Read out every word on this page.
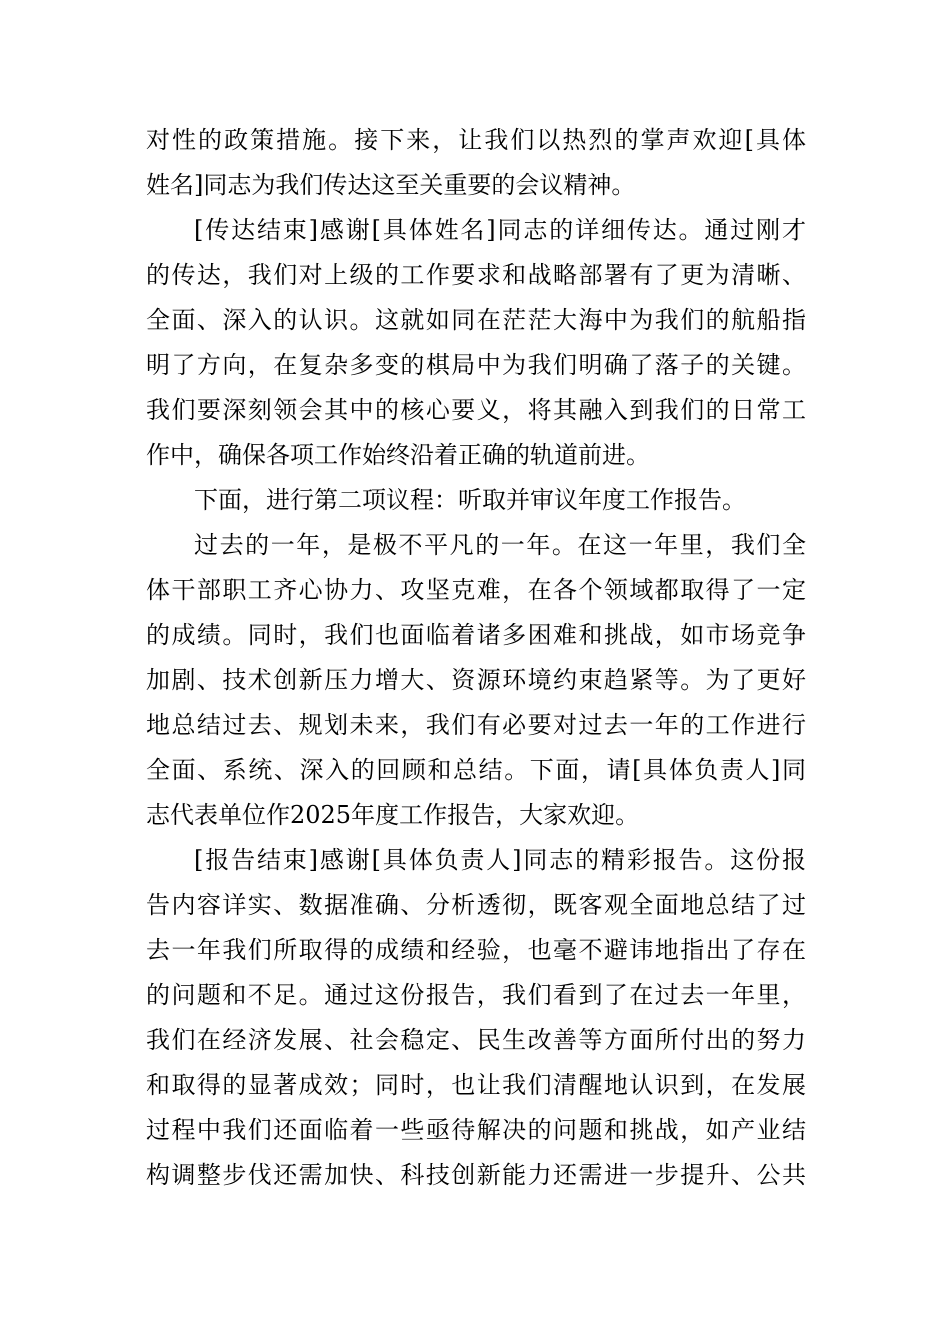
对性的政策措施。接下来，让我们以热烈的掌声欢迎[具体
姓名]同志为我们传达这至关重要的会议精神。
[传达结束]感谢[具体姓名]同志的详细传达。通过刚才
的传达，我们对上级的工作要求和战略部署有了更为清晰、
全面、深入的认识。这就如同在茫茫大海中为我们的航船指
明了方向，在复杂多变的棋局中为我们明确了落子的关键。
我们要深刻领会其中的核心要义，将其融入到我们的日常工
作中，确保各项工作始终沿着正确的轨道前进。
下面，进行第二项议程：听取并审议年度工作报告。
过去的一年，是极不平凡的一年。在这一年里，我们全
体干部职工齐心协力、攻坚克难，在各个领域都取得了一定
的成绩。同时，我们也面临着诸多困难和挑战，如市场竞争
加剧、技术创新压力增大、资源环境约束趋紧等。为了更好
地总结过去、规划未来，我们有必要对过去一年的工作进行
全面、系统、深入的回顾和总结。下面，请[具体负责人]同
志代表单位作2025年度工作报告，大家欢迎。
[报告结束]感谢[具体负责人]同志的精彩报告。这份报
告内容详实、数据准确、分析透彻，既客观全面地总结了过
去一年我们所取得的成绩和经验，也毫不避讳地指出了存在
的问题和不足。通过这份报告，我们看到了在过去一年里，
我们在经济发展、社会稳定、民生改善等方面所付出的努力
和取得的显著成效；同时，也让我们清醒地认识到，在发展
过程中我们还面临着一些亟待解决的问题和挑战，如产业结
构调整步伐还需加快、科技创新能力还需进一步提升、公共
